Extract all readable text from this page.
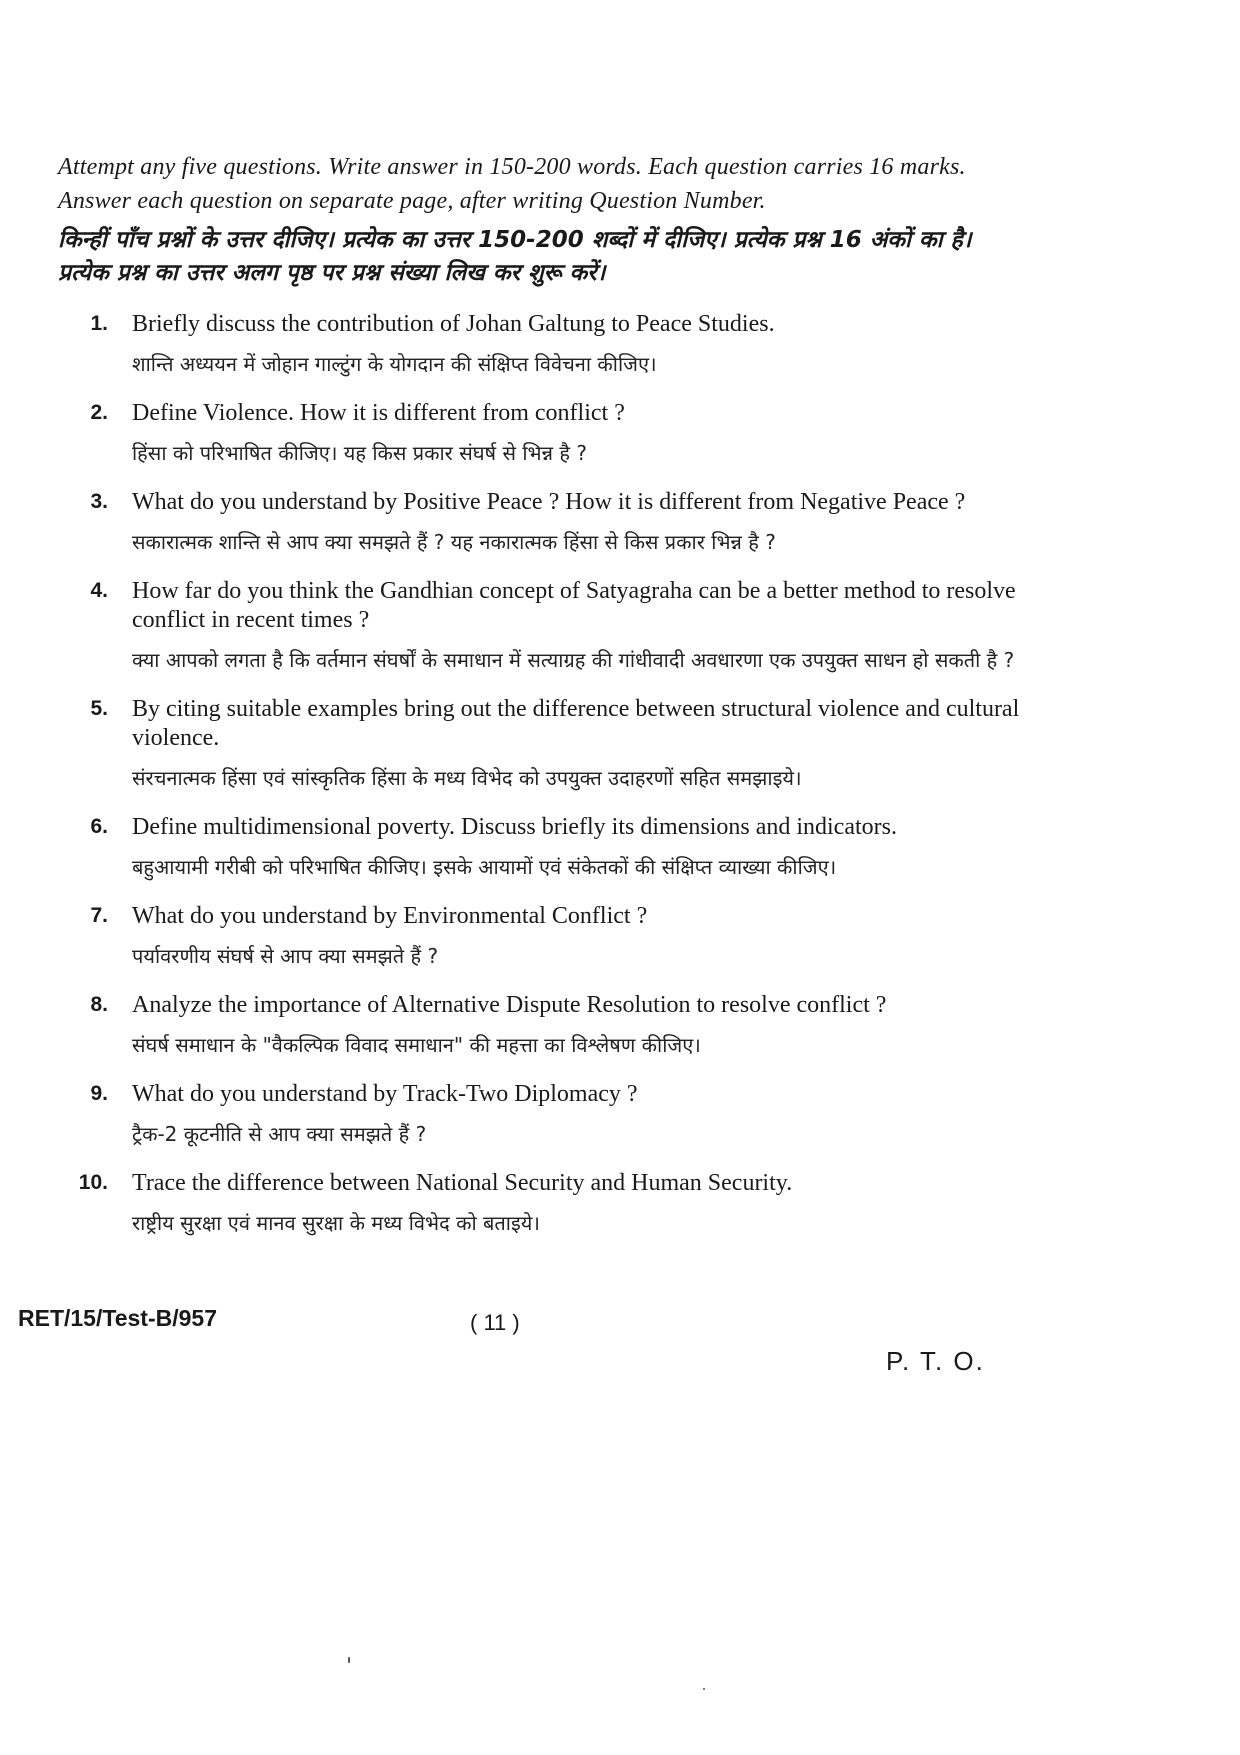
Attempt any five questions. Write answer in 150-200 words. Each question carries 16 marks. Answer each question on separate page, after writing Question Number.

किन्हीं पाँच प्रश्नों के उत्तर दीजिए। प्रत्येक का उत्तर 150-200 शब्दों में दीजिए। प्रत्येक प्रश्न 16 अंकों का है। प्रत्येक प्रश्न का उत्तर अलग पृष्ठ पर प्रश्न संख्या लिख कर शुरू करें।

1. Briefly discuss the contribution of Johan Galtung to Peace Studies.

शान्ति अध्ययन में जोहान गाल्टुंग के योगदान की संक्षिप्त विवेचना कीजिए।

2. Define Violence. How it is different from conflict ?

हिंसा को परिभाषित कीजिए। यह किस प्रकार संघर्ष से भिन्न है ?

3. What do you understand by Positive Peace ? How it is different from Negative Peace ?

सकारात्मक शान्ति से आप क्या समझते हैं ? यह नकारात्मक हिंसा से किस प्रकार भिन्न है ?

4. How far do you think the Gandhian concept of Satyagraha can be a better method to resolve conflict in recent times ?

क्या आपको लगता है कि वर्तमान संघर्षों के समाधान में सत्याग्रह की गांधीवादी अवधारणा एक उपयुक्त साधन हो सकती है ?

5. By citing suitable examples bring out the difference between structural violence and cultural violence.

संरचनात्मक हिंसा एवं सांस्कृतिक हिंसा के मध्य विभेद को उपयुक्त उदाहरणों सहित समझाइये।

6. Define multidimensional poverty. Discuss briefly its dimensions and indicators.

बहुआयामी गरीबी को परिभाषित कीजिए। इसके आयामों एवं संकेतकों की संक्षिप्त व्याख्या कीजिए।

7. What do you understand by Environmental Conflict ?

पर्यावरणीय संघर्ष से आप क्या समझते हैं ?

8. Analyze the importance of Alternative Dispute Resolution to resolve conflict ?

संघर्ष समाधान के "वैकल्पिक विवाद समाधान" की महत्ता का विश्लेषण कीजिए।

9. What do you understand by Track-Two Diplomacy ?

ट्रैक-2 कूटनीति से आप क्या समझते हैं ?

10. Trace the difference between National Security and Human Security.

राष्ट्रीय सुरक्षा एवं मानव सुरक्षा के मध्य विभेद को बताइये।

RET/15/Test-B/957	( 11 )
P. T. O.
